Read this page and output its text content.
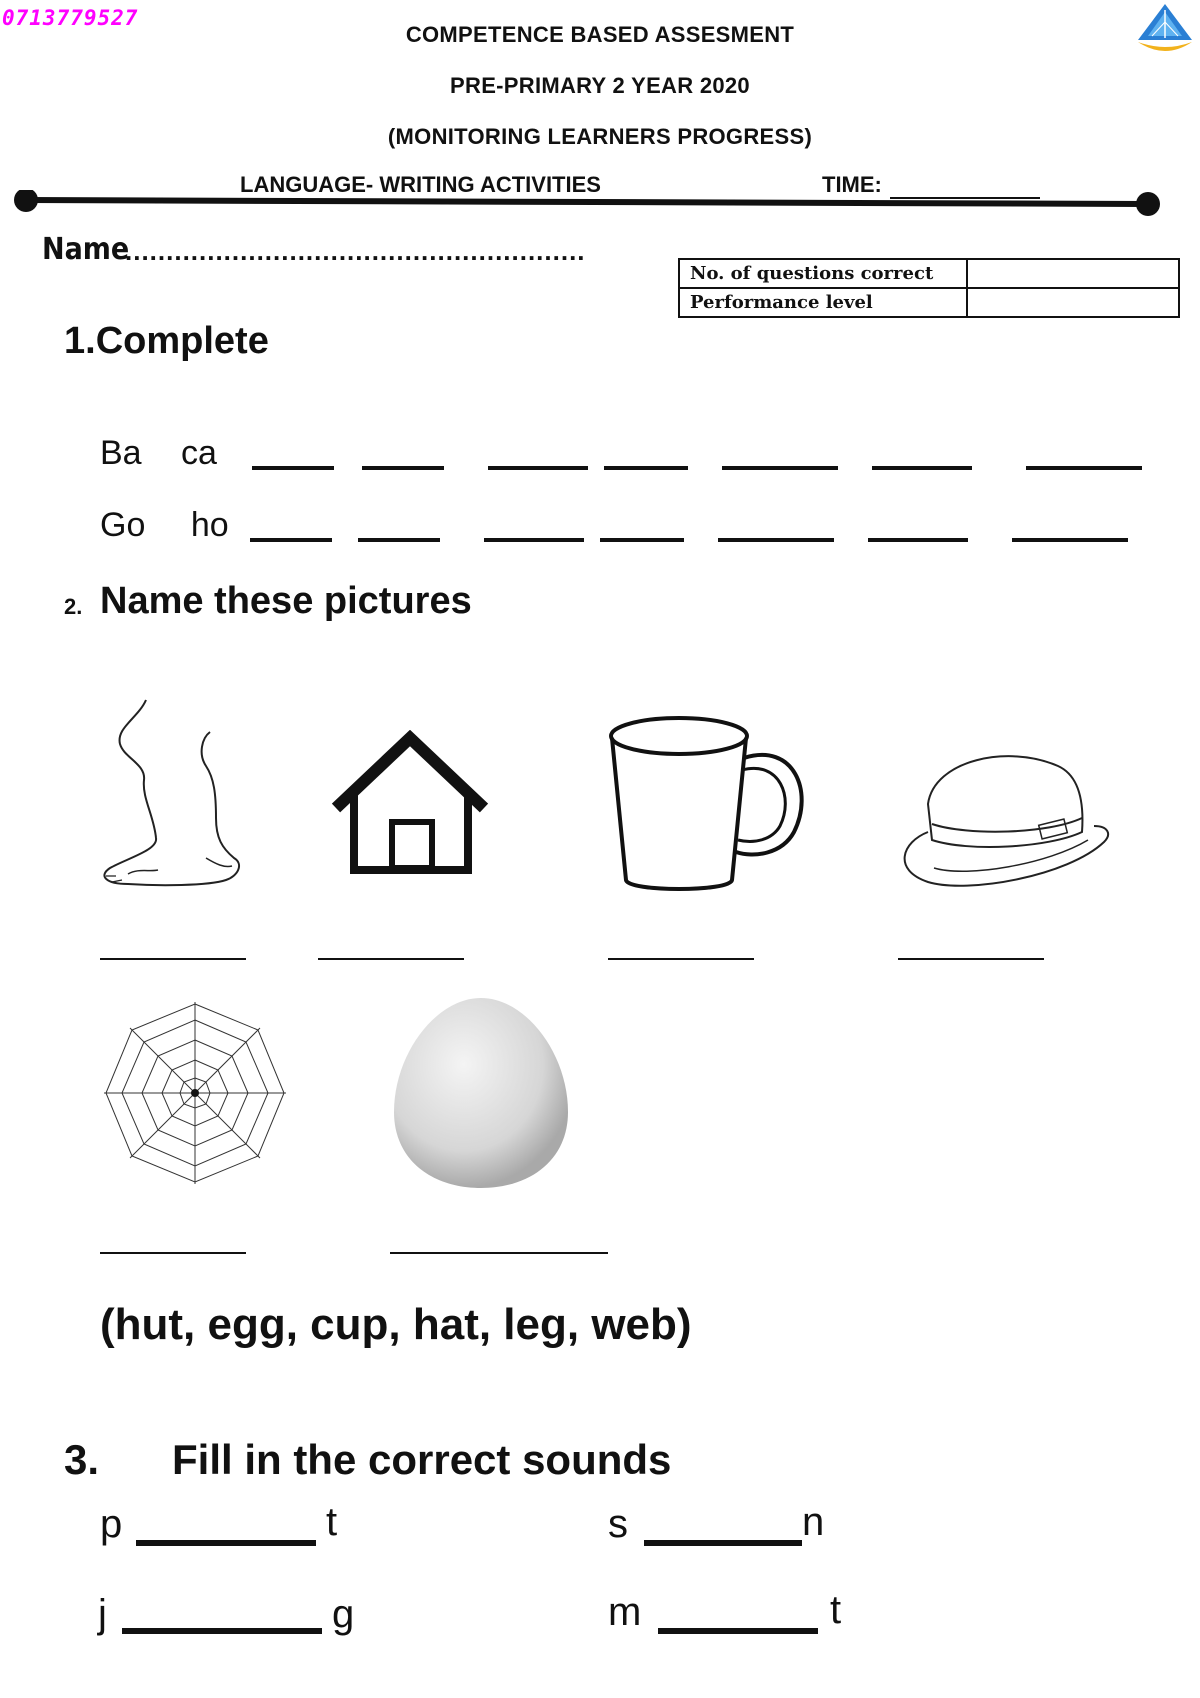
0713779527
COMPETENCE BASED ASSESMENT
PRE-PRIMARY 2 YEAR 2020
(MONITORING LEARNERS PROGRESS)
LANGUAGE- WRITING ACTIVITIES	TIME:
Name
........................................................
No. of questions correct	
Performance level	
1.Complete
Ba ca
Go ho
2. Name these pictures
(hut, egg, cup, hat, leg, web)
3. Fill in the correct sounds
p	t	s	n
j	g	m	t
